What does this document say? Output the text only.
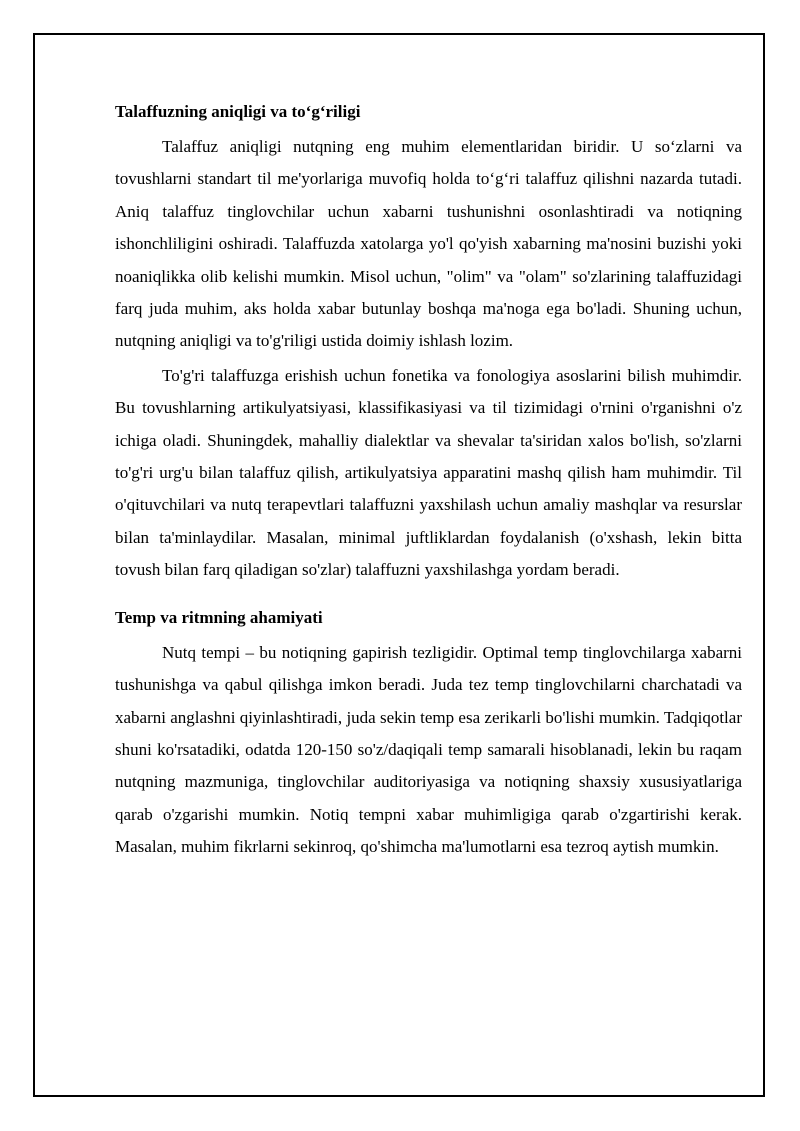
Talaffuzning aniqligi va to‘g‘riligi

Talaffuz aniqligi nutqning eng muhim elementlaridan biridir. U so‘zlarni va tovushlarni standart til me'yorlariga muvofiq holda to‘g‘ri talaffuz qilishni nazarda tutadi. Aniq talaffuz tinglovchilar uchun xabarni tushunishni osonlashtiradi va notiqning ishonchliligini oshiradi. Talaffuzda xatolarga yo'l qo'yish xabarning ma'nosini buzishi yoki noaniqlikka olib kelishi mumkin. Misol uchun, "olim" va "olam" so'zlarining talaffuzidagi farq juda muhim, aks holda xabar butunlay boshqa ma'noga ega bo'ladi. Shuning uchun, nutqning aniqligi va to'g'riligi ustida doimiy ishlash lozim.

To'g'ri talaffuzga erishish uchun fonetika va fonologiya asoslarini bilish muhimdir. Bu tovushlarning artikulyatsiyasi, klassifikasiyasi va til tizimidagi o'rnini o'rganishni o'z ichiga oladi. Shuningdek, mahalliy dialektlar va shevalar ta'siridan xalos bo'lish, so'zlarni to'g'ri urg'u bilan talaffuz qilish, artikulyatsiya apparatini mashq qilish ham muhimdir. Til o'qituvchilari va nutq terapevtlari talaffuzni yaxshilash uchun amaliy mashqlar va resurslar bilan ta'minlaydilar. Masalan, minimal juftliklardan foydalanish (o'xshash, lekin bitta tovush bilan farq qiladigan so'zlar) talaffuzni yaxshilashga yordam beradi.

Temp va ritmning ahamiyati

Nutq tempi – bu notiqning gapirish tezligidir. Optimal temp tinglovchilarga xabarni tushunishga va qabul qilishga imkon beradi. Juda tez temp tinglovchilarni charchatadi va xabarni anglashni qiyinlashtiradi, juda sekin temp esa zerikarli bo'lishi mumkin. Tadqiqotlar shuni ko'rsatadiki, odatda 120-150 so'z/daqiqali temp samarali hisoblanadi, lekin bu raqam nutqning mazmuniga, tinglovchilar auditoriyasiga va notiqning shaxsiy xususiyatlariga qarab o'zgarishi mumkin. Notiq tempni xabar muhimligiga qarab o'zgartirishi kerak. Masalan, muhim fikrlarni sekinroq, qo'shimcha ma'lumotlarni esa tezroq aytish mumkin.
